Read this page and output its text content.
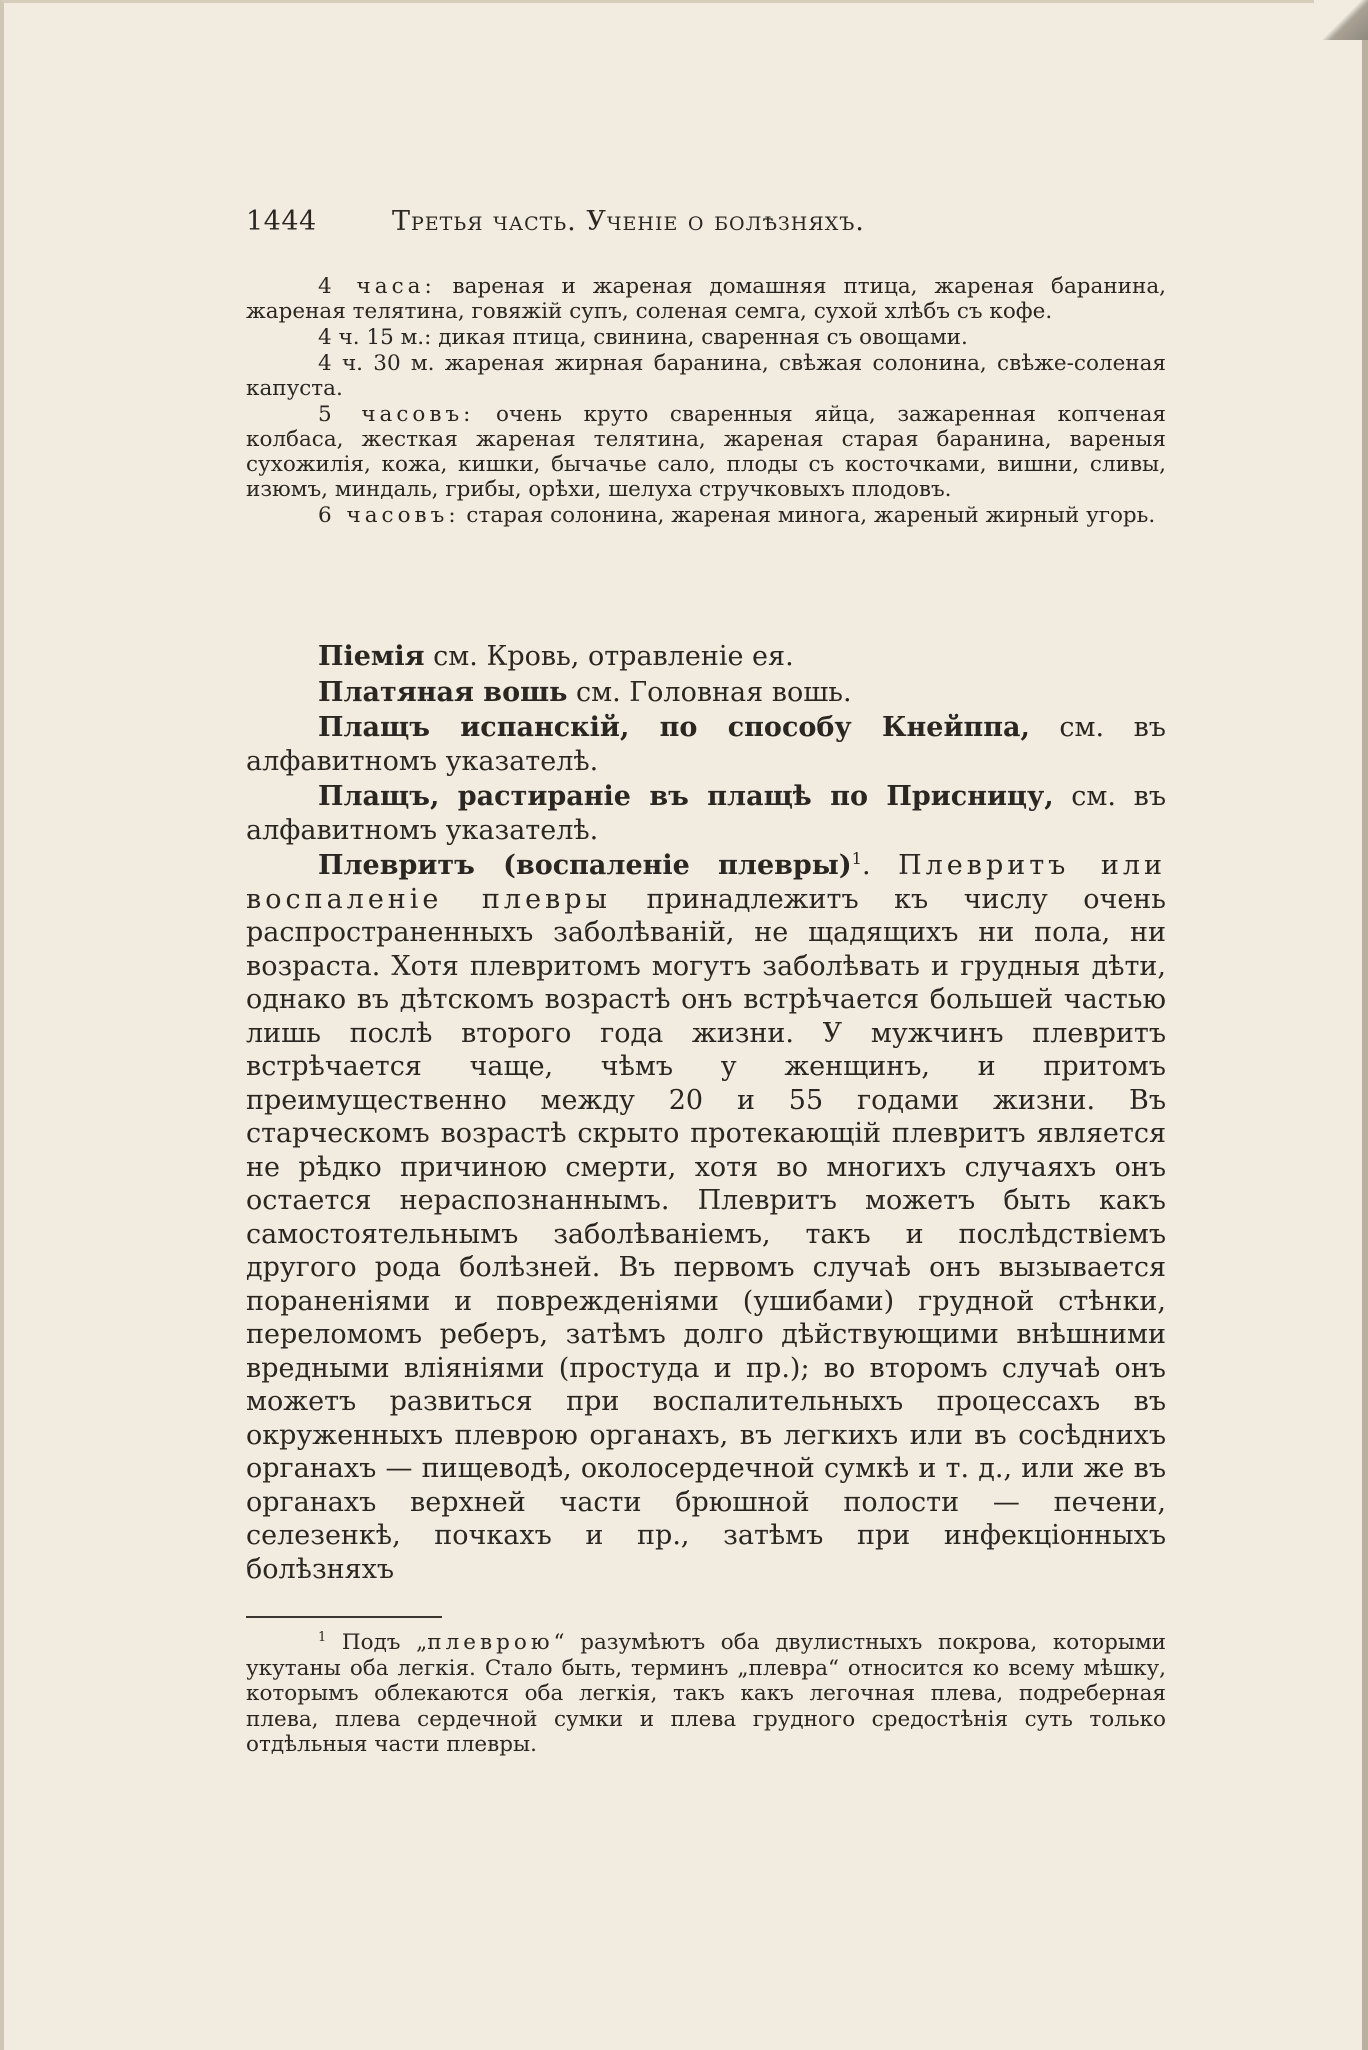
1444	Третья часть. Ученіе о болѣзняхъ.

4 часа: вареная и жареная домашняя птица, жареная баранина, жареная телятина, говяжій супъ, соленая семга, сухой хлѣбъ съ кофе.

4 ч. 15 м.: дикая птица, свинина, сваренная съ овощами.

4 ч. 30 м. жареная жирная баранина, свѣжая солонина, свѣже-соленая капуста.

5 часовъ: очень круто сваренныя яйца, зажаренная копченая колбаса, жесткая жареная телятина, жареная старая баранина, вареныя сухожилія, кожа, кишки, бычачье сало, плоды съ косточками, вишни, сливы, изюмъ, миндаль, грибы, орѣхи, шелуха стручковыхъ плодовъ.

6 часовъ: старая солонина, жареная минога, жареный жирный угорь.

Піемія см. Кровь, отравленіе ея.

Платяная вошь см. Головная вошь.

Плащъ испанскій, по способу Кнейппа, см. въ алфавитномъ указателѣ.

Плащъ, растираніе въ плащѣ по Присницу, см. въ алфавитномъ указателѣ.

Плевритъ (воспаленіе плевры)$^1$. Плевритъ или воспаленіе плевры принадлежитъ къ числу очень распространенныхъ заболѣваній, не щадящихъ ни пола, ни возраста. Хотя плевритомъ могутъ заболѣвать и грудныя дѣти, однако въ дѣтскомъ возрастѣ онъ встрѣчается большей частью лишь послѣ второго года жизни. У мужчинъ плевритъ встрѣчается чаще, чѣмъ у женщинъ, и притомъ преимущественно между 20 и 55 годами жизни. Въ старческомъ возрастѣ скрыто протекающій плевритъ является не рѣдко причиною смерти, хотя во многихъ случаяхъ онъ остается нераспознаннымъ. Плевритъ можетъ быть какъ самостоятельнымъ заболѣваніемъ, такъ и послѣдствіемъ другого рода болѣзней. Въ первомъ случаѣ онъ вызывается пораненіями и поврежденіями (ушибами) грудной стѣнки, переломомъ реберъ, затѣмъ долго дѣйствующими внѣшними вредными вліяніями (простуда и пр.); во второмъ случаѣ онъ можетъ развиться при воспалительныхъ процессахъ въ окруженныхъ плеврою органахъ, въ легкихъ или въ сосѣднихъ органахъ — пищеводѣ, околосердечной сумкѣ и т. д., или же въ органахъ верхней части брюшной полости — печени, селезенкѣ, почкахъ и пр., затѣмъ при инфекціонныхъ болѣзняхъ

$^1$ Подъ „плеврою“ разумѣютъ оба двулистныхъ покрова, которыми укутаны оба легкія. Стало быть, терминъ „плевра“ относится ко всему мѣшку, которымъ облекаются оба легкія, такъ какъ легочная плева, подреберная плева, плева сердечной сумки и плева грудного средостѣнія суть только отдѣльныя части плевры.
